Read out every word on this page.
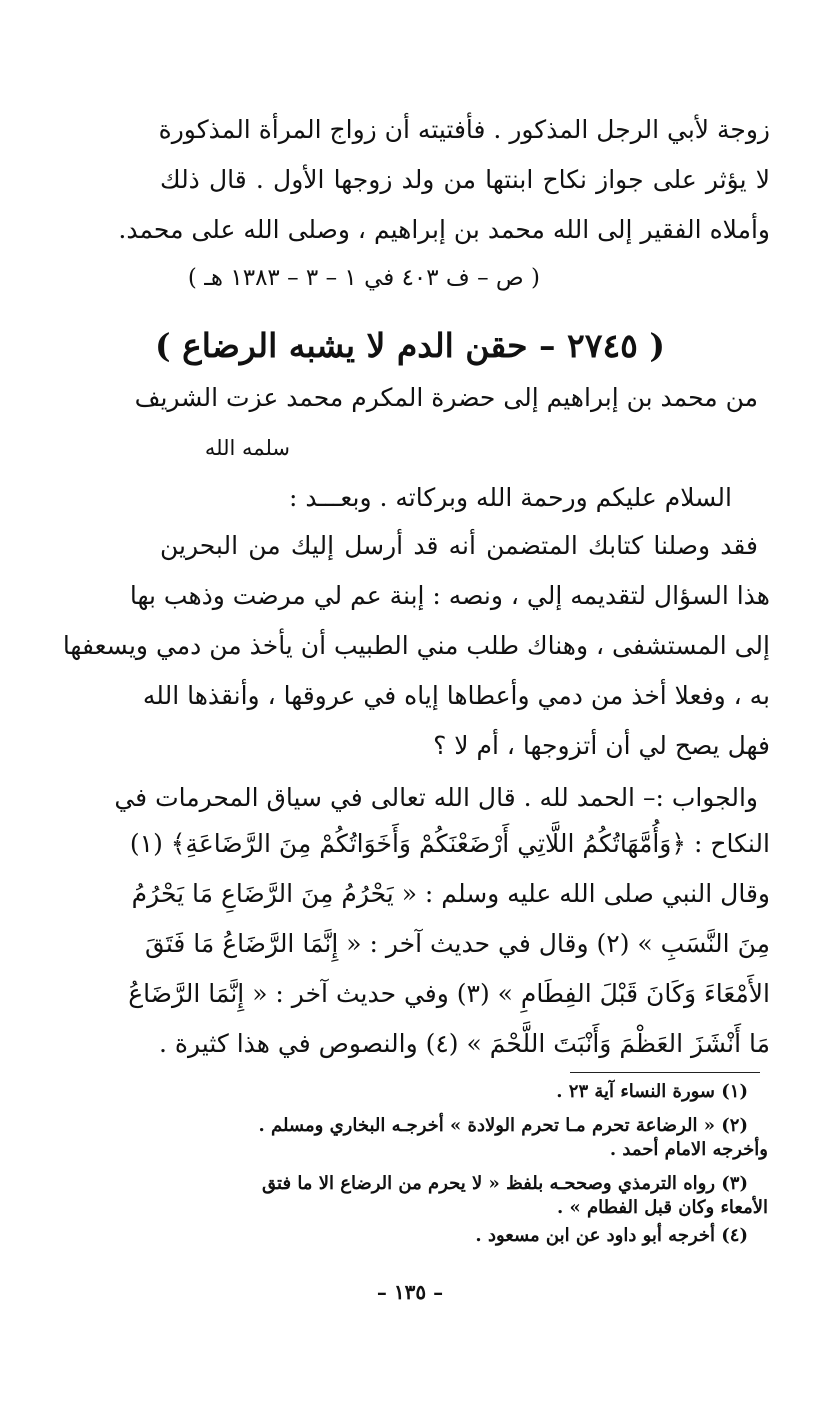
زوجة لأبي الرجل المذكور . فأفتيته أن زواج المرأة المذكورة
لا يؤثر على جواز نكاح ابنتها من ولد زوجها الأول . قال ذلك
وأملاه الفقير إلى الله محمد بن إبراهيم ، وصلى الله على محمد.
( ص – ف ٤٠٣ في ١ – ٣ – ١٣٨٣ هـ )
( ٢٧٤٥ – حقن الدم لا يشبه الرضاع )
من محمد بن إبراهيم إلى حضرة المكرم محمد عزت الشريف
سلمه الله
السلام عليكم ورحمة الله وبركاته . وبعـــد :
فقد وصلنا كتابك المتضمن أنه قد أرسل إليك من البحرين
هذا السؤال لتقديمه إلي ، ونصه : إبنة عم لي مرضت وذهب بها
إلى المستشفى ، وهناك طلب مني الطبيب أن يأخذ من دمي ويسعفها
به ، وفعلا أخذ من دمي وأعطاها إياه في عروقها ، وأنقذها الله
فهل يصح لي أن أتزوجها ، أم لا ؟
والجواب :– الحمد لله . قال الله تعالى في سياق المحرمات في
النكاح : ﴿وَأُمَّهَاتُكُمُ اللَّاتِي أَرْضَعْنَكُمْ وَأَخَوَاتُكُمْ مِنَ الرَّضَاعَةِ﴾ (١)
وقال النبي صلى الله عليه وسلم : « يَحْرُمُ مِنَ الرَّضَاعِ مَا يَحْرُمُ
مِنَ النَّسَبِ » (٢) وقال في حديث آخر : « إِنَّمَا الرَّضَاعُ مَا فَتَقَ
الأَمْعَاءَ وَكَانَ قَبْلَ الفِطَامِ » (٣) وفي حديث آخر : « إِنَّمَا الرَّضَاعُ
مَا أَنْشَزَ العَظْمَ وَأَنْبَتَ اللَّحْمَ » (٤) والنصوص في هذا كثيرة .
(١) سورة النساء آية ٢٣ .
(٢) « الرضاعة تحرم مـا تحرم الولادة » أخرجـه البخاري ومسلم .
وأخرجه الامام أحمد .
(٣) رواه الترمذي وصححـه بلفظ « لا يحرم من الرضاع الا ما فتق
الأمعاء وكان قبل الفطام » .
(٤) أخرجه أبو داود عن ابن مسعود .
– ١٣٥ –
